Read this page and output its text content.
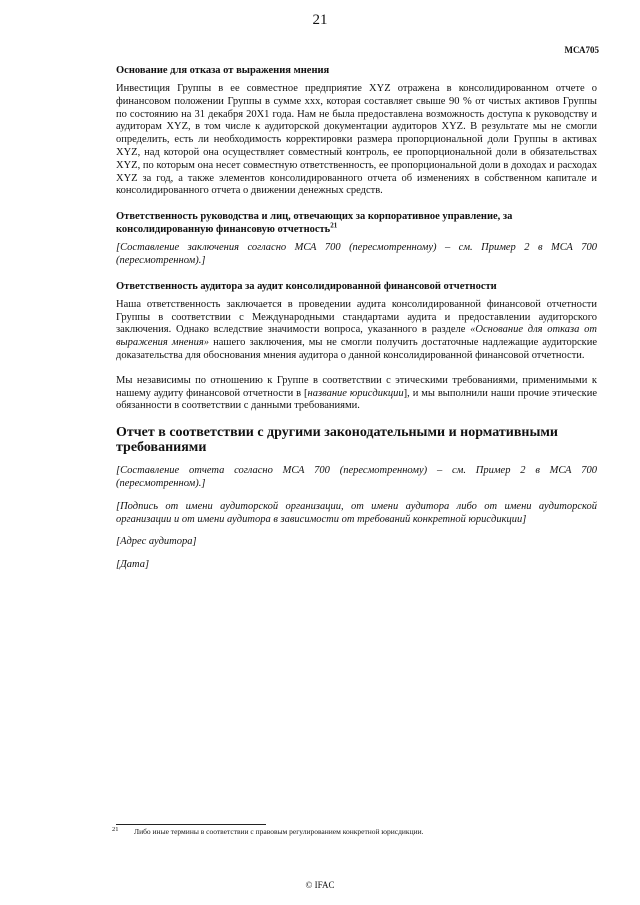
21
МСА705
Основание для отказа от выражения мнения

Инвестиция Группы в ее совместное предприятие XYZ отражена в консолидированном отчете о финансовом положении Группы в сумме ххх, которая составляет свыше 90 % от чистых активов Группы по состоянию на 31 декабря 20X1 года. Нам не была предоставлена возможность доступа к руководству и аудиторам XYZ, в том числе к аудиторской документации аудиторов XYZ. В результате мы не смогли определить, есть ли необходимость корректировки размера пропорциональной доли Группы в активах XYZ, над которой она осуществляет совместный контроль, ее пропорциональной доли в обязательствах XYZ, по которым она несет совместную ответственность, ее пропорциональной доли в доходах и расходах XYZ за год, а также элементов консолидированного отчета об изменениях в собственном капитале и консолидированного отчета о движении денежных средств.

Ответственность руководства и лиц, отвечающих за корпоративное управление, за консолидированную финансовую отчетность$^{21}$

[Составление заключения согласно МСА 700 (пересмотренному) – см. Пример 2 в МСА 700 (пересмотренном).]

Ответственность аудитора за аудит консолидированной финансовой отчетности

Наша ответственность заключается в проведении аудита консолидированной финансовой отчетности Группы в соответствии с Международными стандартами аудита и предоставлении аудиторского заключения. Однако вследствие значимости вопроса, указанного в разделе «Основание для отказа от выражения мнения» нашего заключения, мы не смогли получить достаточные надлежащие аудиторские доказательства для обоснования мнения аудитора о данной консолидированной финансовой отчетности.

Мы независимы по отношению к Группе в соответствии с этическими требованиями, применимыми к нашему аудиту финансовой отчетности в [название юрисдикции], и мы выполнили наши прочие этические обязанности в соответствии с данными требованиями.

Отчет в соответствии с другими законодательными и нормативными требованиями

[Составление отчета согласно МСА 700 (пересмотренному) – см. Пример 2 в МСА 700 (пересмотренном).]

[Подпись от имени аудиторской организации, от имени аудитора либо от имени аудиторской организации и от имени аудитора в зависимости от требований конкретной юрисдикции]

[Адрес аудитора]

[Дата]

21 Либо иные термины в соответствии с правовым регулированием конкретной юрисдикции.
© IFAC
